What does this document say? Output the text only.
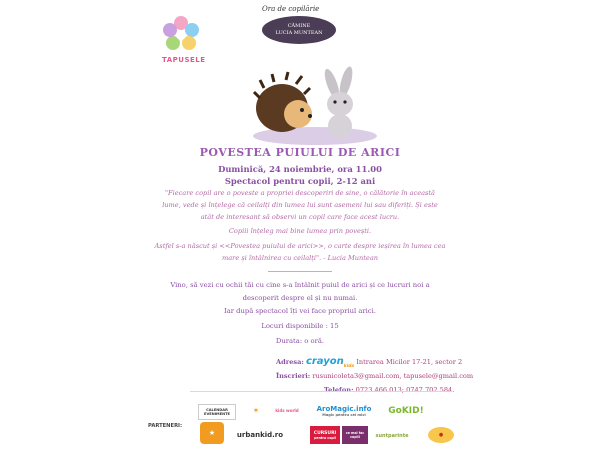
TAPUSELE
Ora de copilărie
CĂMINE
LUCIA MUNTEAN
POVESTEA PUIULUI DE ARICI
Duminică, 24 noiembrie, ora 11.00
Spectacol pentru copii, 2-12 ani
"Fiecare copil are o poveste a propriei descoperiri de sine, o călătorie în această
lume, vede și înțelege că ceilalți din lumea lui sunt asemeni lui sau diferiți. Și este
atât de interesant să observi un copil care face acest lucru.
Copiii înțeleg mai bine lumea prin povești.
Astfel s-a născut și <<Povestea puiului de arici>>, o carte despre ieșirea în lumea cea
mare și întâlnirea cu ceilalți". - Lucia Muntean
Vino, să vezi cu ochii tăi cu cine s-a întâlnit puiul de arici și ce lucruri noi a
descoperit despre el și nu numai.
Iar după spectacol îți vei face propriul arici.
Locuri disponibile : 15
Durata: o oră.
Adresa: crayon$_{kids}$ Intrarea Micilor 17-21, sector 2
Înscrieri: rusunicoleta3@gmail.com, tapusele@gmail.com
Telefon: 0723 466 013; 0747 702 584.
PARTENERI:
CALENDAR EVENIMENTE	✶	kids world	AroMagic.info
Magic pentru cei mici	GoKID!
★	urbankid.ro	CURSURI
pentru copii
ce mai fac copiii	suntparinte	●
